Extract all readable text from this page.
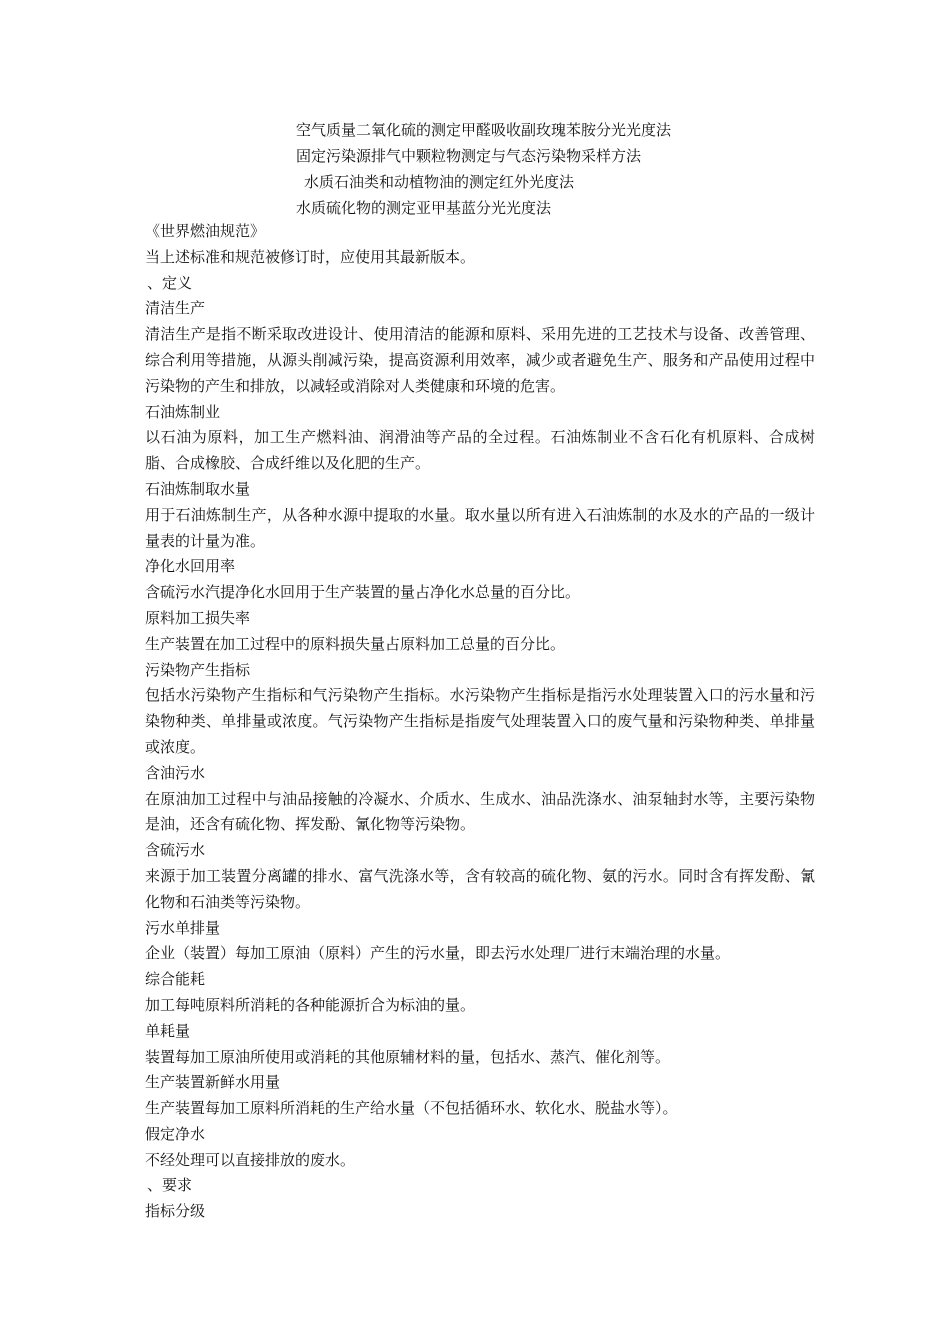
空气质量二氧化硫的测定甲醛吸收副玫瑰苯胺分光光度法
固定污染源排气中颗粒物测定与气态污染物采样方法
水质石油类和动植物油的测定红外光度法
水质硫化物的测定亚甲基蓝分光光度法

《世界燃油规范》

当上述标准和规范被修订时，应使用其最新版本。

、定义

清洁生产

清洁生产是指不断采取改进设计、使用清洁的能源和原料、采用先进的工艺技术与设备、改善管理、综合利用等措施，从源头削减污染，提高资源利用效率，减少或者避免生产、服务和产品使用过程中污染物的产生和排放，以减轻或消除对人类健康和环境的危害。

石油炼制业

以石油为原料，加工生产燃料油、润滑油等产品的全过程。石油炼制业不含石化有机原料、合成树脂、合成橡胶、合成纤维以及化肥的生产。

石油炼制取水量

用于石油炼制生产，从各种水源中提取的水量。取水量以所有进入石油炼制的水及水的产品的一级计量表的计量为准。

净化水回用率

含硫污水汽提净化水回用于生产装置的量占净化水总量的百分比。

原料加工损失率

生产装置在加工过程中的原料损失量占原料加工总量的百分比。

污染物产生指标

包括水污染物产生指标和气污染物产生指标。水污染物产生指标是指污水处理装置入口的污水量和污染物种类、单排量或浓度。气污染物产生指标是指废气处理装置入口的废气量和污染物种类、单排量或浓度。

含油污水

在原油加工过程中与油品接触的冷凝水、介质水、生成水、油品洗涤水、油泵轴封水等，主要污染物是油，还含有硫化物、挥发酚、氰化物等污染物。

含硫污水

来源于加工装置分离罐的排水、富气洗涤水等，含有较高的硫化物、氨的污水。同时含有挥发酚、氰化物和石油类等污染物。

污水单排量

企业（装置）每加工原油（原料）产生的污水量，即去污水处理厂进行末端治理的水量。

综合能耗

加工每吨原料所消耗的各种能源折合为标油的量。

单耗量

装置每加工原油所使用或消耗的其他原辅材料的量，包括水、蒸汽、催化剂等。

生产装置新鲜水用量

生产装置每加工原料所消耗的生产给水量（不包括循环水、软化水、脱盐水等）。

假定净水

不经处理可以直接排放的废水。

、要求

指标分级
